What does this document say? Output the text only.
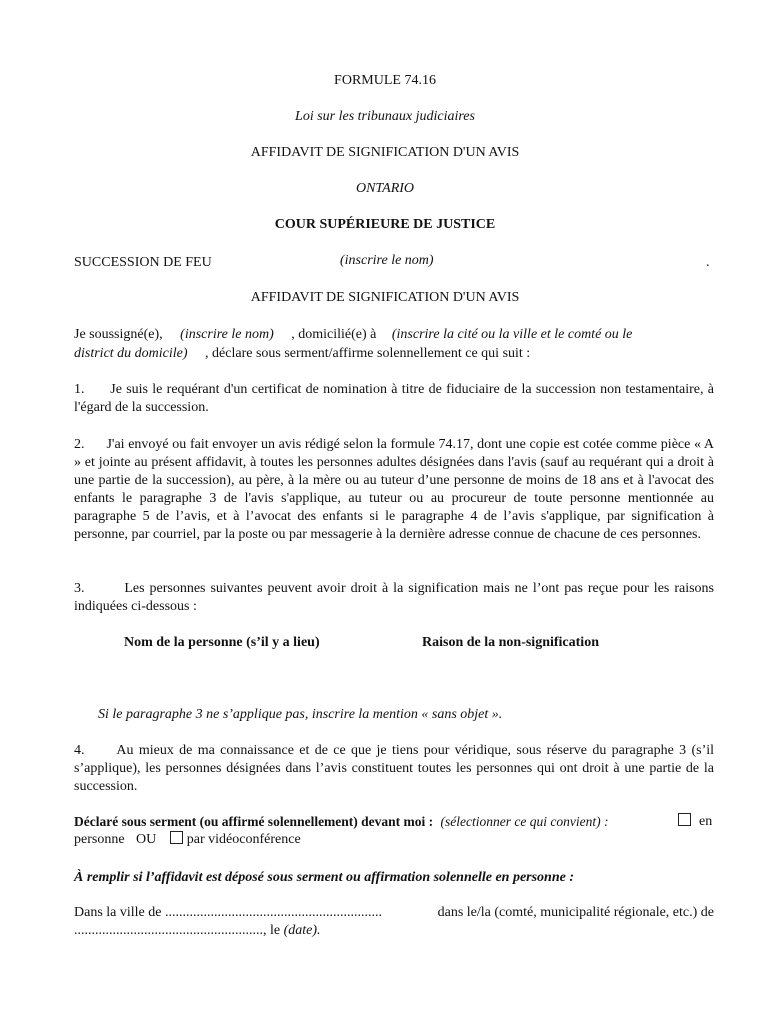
FORMULE 74.16
Loi sur les tribunaux judiciaires
AFFIDAVIT DE SIGNIFICATION D'UN AVIS
ONTARIO
COUR SUPÉRIEURE DE JUSTICE
SUCCESSION DE FEU	(inscrire le nom)	.
AFFIDAVIT DE SIGNIFICATION D'UN AVIS
Je soussigné(e), (inscrire le nom) , domicilié(e) à (inscrire la cité ou la ville et le comté ou le
district du domicile) , déclare sous serment/affirme solennellement ce qui suit :
1. Je suis le requérant d'un certificat de nomination à titre de fiduciaire de la succession non testamentaire, à l'égard de la succession.
2. J'ai envoyé ou fait envoyer un avis rédigé selon la formule 74.17, dont une copie est cotée comme pièce « A » et jointe au présent affidavit, à toutes les personnes adultes désignées dans l'avis (sauf au requérant qui a droit à une partie de la succession), au père, à la mère ou au tuteur d’une personne de moins de 18 ans et à l'avocat des enfants le paragraphe 3 de l'avis s'applique, au tuteur ou au procureur de toute personne mentionnée au paragraphe 5 de l’avis, et à l’avocat des enfants si le paragraphe 4 de l’avis s'applique, par signification à personne, par courriel, par la poste ou par messagerie à la dernière adresse connue de chacune de ces personnes.
3.	Les personnes suivantes peuvent avoir droit à la signification mais ne l’ont pas reçue pour les raisons indiquées ci-dessous :
Nom de la personne (s’il y a lieu)	Raison de la non-signification
Si le paragraphe 3 ne s’applique pas, inscrire la mention « sans objet ».
4. Au mieux de ma connaissance et de ce que je tiens pour véridique, sous réserve du paragraphe 3 (s’il s’applique), les personnes désignées dans l’avis constituent toutes les personnes qui ont droit à une partie de la succession.
Déclaré sous serment (ou affirmé solennellement) devant moi : (sélectionner ce qui convient) :	en
personne OU par vidéoconférence
À remplir si l’affidavit est déposé sous serment ou affirmation solennelle en personne :
Dans la ville de ..............................................................	dans le/la (comté, municipalité régionale, etc.) de
......................................................, le (date).
